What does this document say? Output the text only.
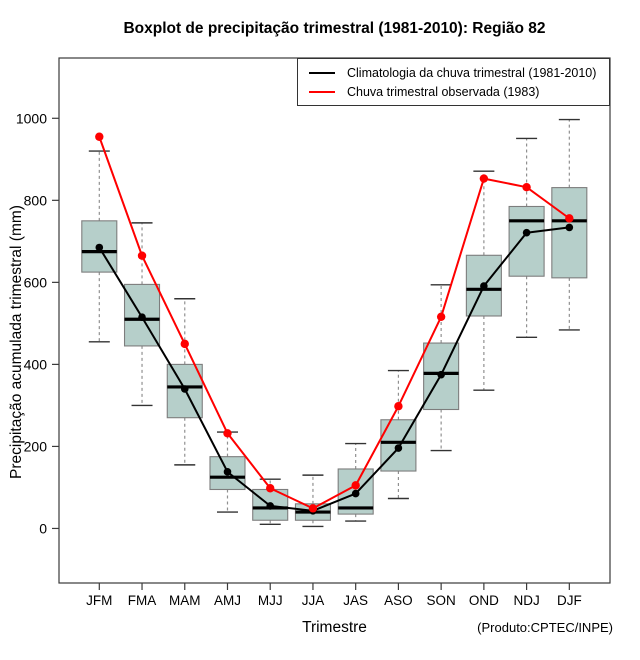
Boxplot de precipitação trimestral (1981-2010): Região 82
0
200
400
600
800
1000
JFM FMA MAM AMJ MJJ JJA JAS ASO SON OND NDJ DJF
Precipitação acumulada trimestral (mm)
Trimestre	(Produto:CPTEC/INPE)
Climatologia da chuva trimestral (1981-2010)
Chuva trimestral observada (1983)
